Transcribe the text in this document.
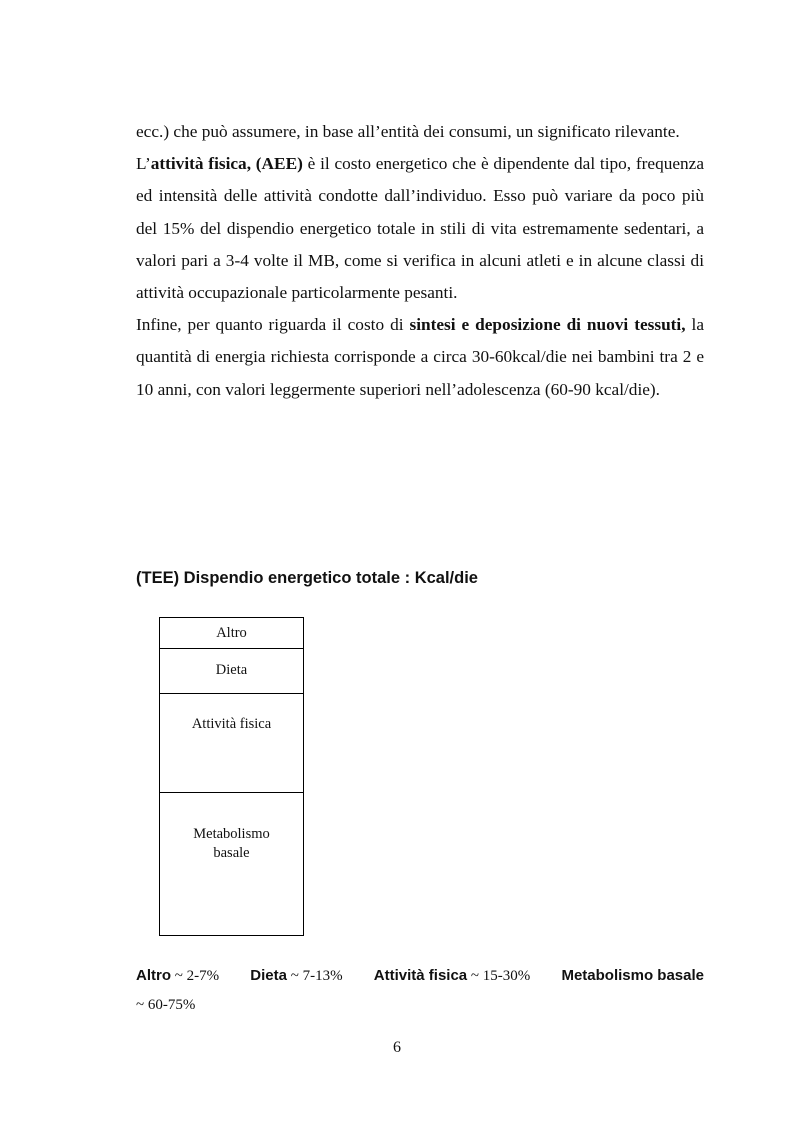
ecc.) che può assumere, in base all’entità dei consumi, un significato rilevante.

L’attività fisica, (AEE) è il costo energetico che è dipendente dal tipo, frequenza ed intensità delle attività condotte dall’individuo. Esso può variare da poco più del 15% del dispendio energetico totale in stili di vita estremamente sedentari, a valori pari a 3-4 volte il MB, come si verifica in alcuni atleti e in alcune classi di attività occupazionale particolarmente pesanti.

Infine, per quanto riguarda il costo di sintesi e deposizione di nuovi tessuti, la quantità di energia richiesta corrisponde a circa 30-60kcal/die nei bambini tra 2 e 10 anni, con valori leggermente superiori nell’adolescenza (60-90 kcal/die).

(TEE) Dispendio energetico totale : Kcal/die
Altro
Dieta
Attività fisica
Metabolismo
basale
Altro ~ 2-7% Dieta ~ 7-13% Attività fisica ~ 15-30% Metabolismo basale
~ 60-75%
6
